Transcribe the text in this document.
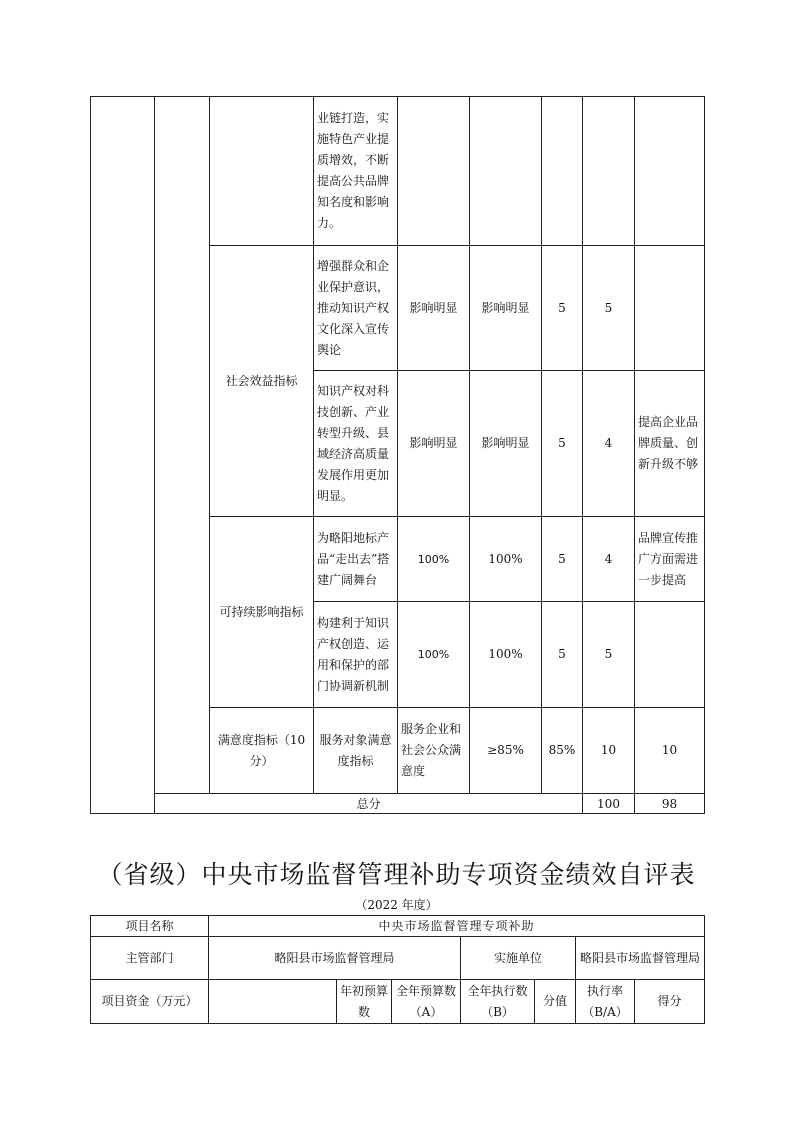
			业链打造，实施特色产业提质增效，不断提高公共品牌知名度和影响力。						

		社会效益指标	增强群众和企业保护意识，推动知识产权文化深入宣传舆论	影响明显	影响明显	5	5		

			知识产权对科技创新、产业转型升级、县域经济高质量发展作用更加明显。	影响明显	影响明显	5	4	提高企业品牌质量、创新升级不够	

		可持续影响指标	为略阳地标产品“走出去”搭建广阔舞台	100%	100%	5	4	品牌宣传推广方面需进一步提高	

			构建利于知识产权创造、运用和保护的部门协调新机制	100%	100%	5	5		

		满意度指标（10分）	服务对象满意度指标	服务企业和社会公众满意度	≥85%	85%	10	10	
	总分						100	98	
（省级）中央市场监督管理补助专项资金绩效自评表
（2022 年度）
项目名称	中央市场监督管理专项补助						
主管部门	略阳县市场监督管理局			实施单位		略阳县市场监督管理局	

项目资金（万元）		年初预算数	全年预算数（A）	全年执行数（B）	分值	执行率（B/A）	得分
